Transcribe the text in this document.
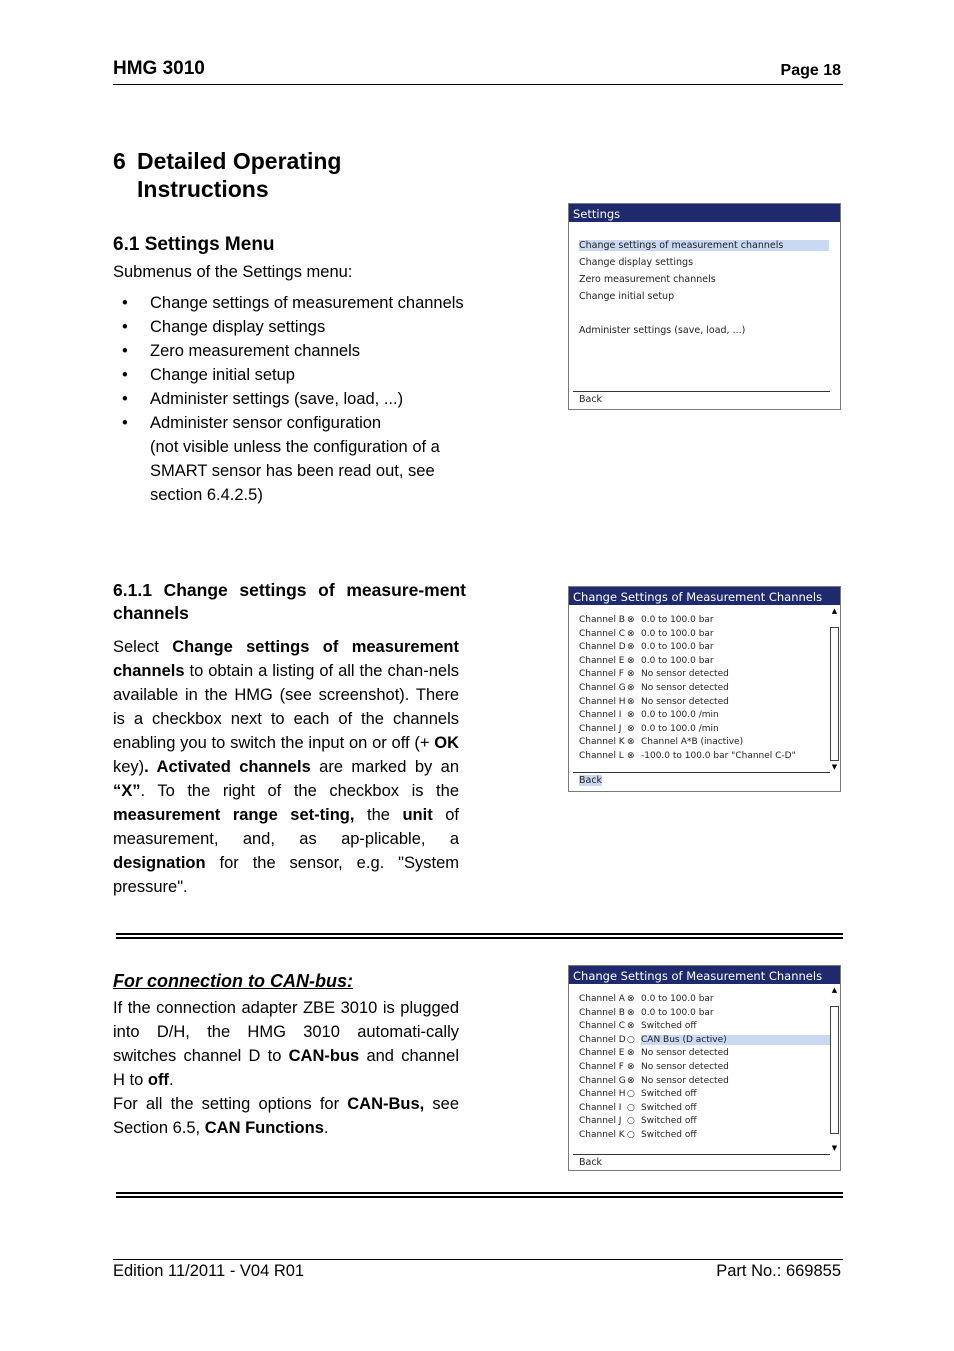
HMG 3010	Page 18
6 Detailed Operating
Instructions
6.1 Settings Menu
Submenus of the Settings menu:
• Change settings of measurement channels
• Change display settings
• Zero measurement channels
• Change initial setup
• Administer settings (save, load, ...)
• Administer sensor configuration
(not visible unless the configuration of a SMART sensor has been read out, see section 6.4.2.5)
6.1.1 Change settings of measure-ment channels
Select Change settings of measurement channels to obtain a listing of all the chan-nels available in the HMG (see screenshot). There is a checkbox next to each of the channels enabling you to switch the input on or off (+ OK key). Activated channels are marked by an “X”. To the right of the checkbox is the measurement range set-ting, the unit of measurement, and, as ap-plicable, a designation for the sensor, e.g. "System pressure".
For connection to CAN-bus:
If the connection adapter ZBE 3010 is plugged into D/H, the HMG 3010 automati-cally switches channel D to CAN-bus and channel H to off.
For all the setting options for CAN-Bus, see Section 6.5, CAN Functions.
Edition 11/2011 - V04 R01	Part No.: 669855
Settings
Change settings of measurement channels
Change display settings
Zero measurement channels
Change initial setup
Administer settings (save, load, ...)
Back
Change Settings of Measurement Channels
Channel B ⊗ 0.0 to 100.0 bar
Channel C ⊗ 0.0 to 100.0 bar
Channel D⊗ 0.0 to 100.0 bar
Channel E ⊗ 0.0 to 100.0 bar
Channel F ⊗ No sensor detected
Channel G⊗ No sensor detected
Channel H⊗ No sensor detected
Channel I ⊗ 0.0 to 100.0 /min
Channel J ⊗ 0.0 to 100.0 /min
Channel K ⊗ Channel A*B (inactive)
Channel L ⊗ -100.0 to 100.0 bar "Channel C-D"
▲
▼
Back
Change Settings of Measurement Channels
Channel A ⊗ 0.0 to 100.0 bar
Channel B ⊗ 0.0 to 100.0 bar
Channel C ⊗ Switched off
Channel D○ CAN Bus (D active)
Channel E ⊗ No sensor detected
Channel F ⊗ No sensor detected
Channel G⊗ No sensor detected
Channel H○ Switched off
Channel I ○ Switched off
Channel J ○ Switched off
Channel K ○ Switched off
▲
▼
Back
